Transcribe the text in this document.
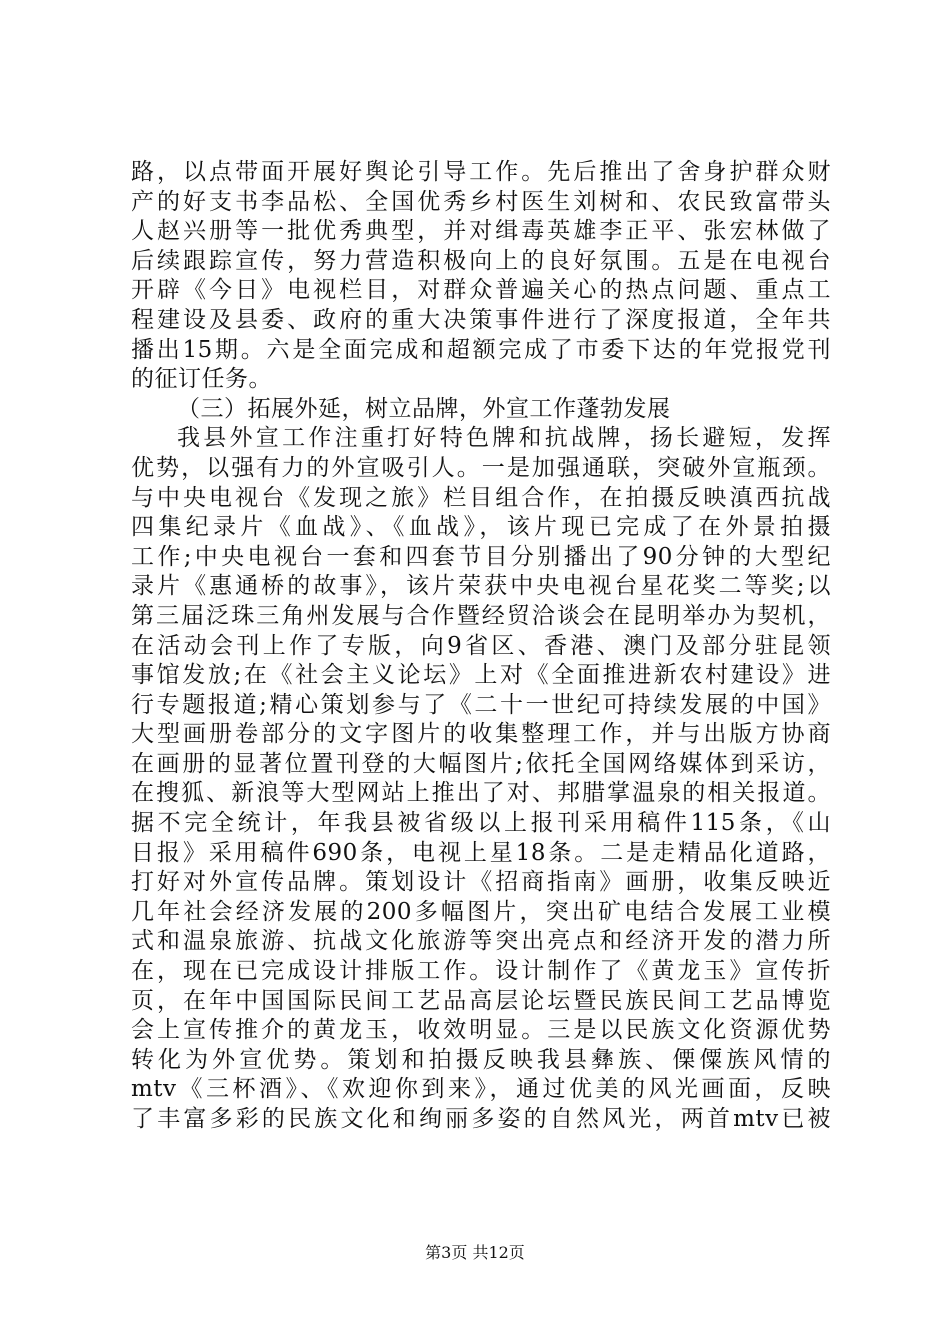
路，以点带面开展好舆论引导工作。先后推出了舍身护群众财
产的好支书李品松、全国优秀乡村医生刘树和、农民致富带头
人赵兴册等一批优秀典型，并对缉毒英雄李正平、张宏林做了
后续跟踪宣传，努力营造积极向上的良好氛围。五是在电视台
开辟《今日》电视栏目，对群众普遍关心的热点问题、重点工
程建设及县委、政府的重大决策事件进行了深度报道，全年共
播出15期。六是全面完成和超额完成了市委下达的年党报党刊
的征订任务。
（三）拓展外延，树立品牌，外宣工作蓬勃发展
我县外宣工作注重打好特色牌和抗战牌，扬长避短，发挥
优势，以强有力的外宣吸引人。一是加强通联，突破外宣瓶颈。
与中央电视台《发现之旅》栏目组合作，在拍摄反映滇西抗战
四集纪录片《血战》、《血战》，该片现已完成了在外景拍摄
工作;中央电视台一套和四套节目分别播出了90分钟的大型纪
录片《惠通桥的故事》，该片荣获中央电视台星花奖二等奖;以
第三届泛珠三角州发展与合作暨经贸洽谈会在昆明举办为契机，
在活动会刊上作了专版，向9省区、香港、澳门及部分驻昆领
事馆发放;在《社会主义论坛》上对《全面推进新农村建设》进
行专题报道;精心策划参与了《二十一世纪可持续发展的中国》
大型画册卷部分的文字图片的收集整理工作，并与出版方协商
在画册的显著位置刊登的大幅图片;依托全国网络媒体到采访，
在搜狐、新浪等大型网站上推出了对、邦腊掌温泉的相关报道。
据不完全统计，年我县被省级以上报刊采用稿件115条，《山
日报》采用稿件690条，电视上星18条。二是走精品化道路，
打好对外宣传品牌。策划设计《招商指南》画册，收集反映近
几年社会经济发展的200多幅图片，突出矿电结合发展工业模
式和温泉旅游、抗战文化旅游等突出亮点和经济开发的潜力所
在，现在已完成设计排版工作。设计制作了《黄龙玉》宣传折
页，在年中国国际民间工艺品高层论坛暨民族民间工艺品博览
会上宣传推介的黄龙玉，收效明显。三是以民族文化资源优势
转化为外宣优势。策划和拍摄反映我县彝族、傈僳族风情的
mtv《三杯酒》、《欢迎你到来》，通过优美的风光画面，反映
了丰富多彩的民族文化和绚丽多姿的自然风光，两首mtv已被
第3页 共12页
